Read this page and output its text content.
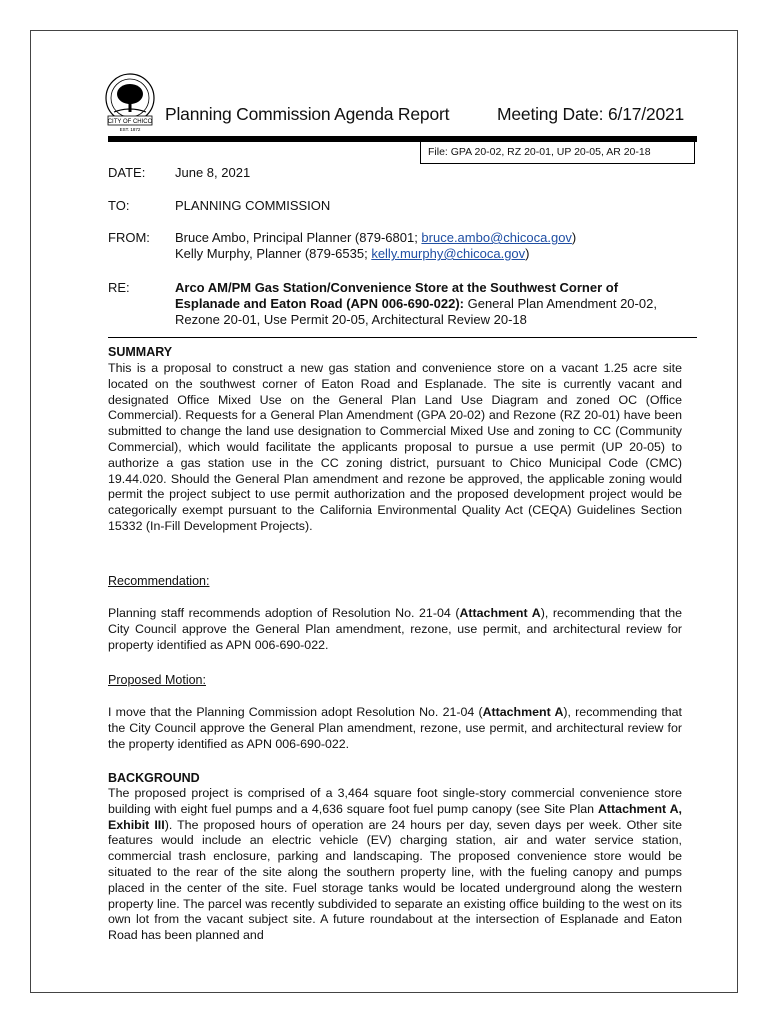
CITY OF CHICO
EST. 1872
Planning Commission Agenda Report	Meeting Date: 6/17/2021
File: GPA 20-02, RZ 20-01, UP 20-05, AR 20-18
DATE: June 8, 2021
TO:	PLANNING COMMISSION
FROM: Bruce Ambo, Principal Planner (879-6801; bruce.ambo@chicoca.gov)
Kelly Murphy, Planner (879-6535; kelly.murphy@chicoca.gov)
RE:	Arco AM/PM Gas Station/Convenience Store at the Southwest Corner of Esplanade and Eaton Road (APN 006-690-022): General Plan Amendment 20-02, Rezone 20-01, Use Permit 20-05, Architectural Review 20-18
SUMMARY
This is a proposal to construct a new gas station and convenience store on a vacant 1.25 acre site located on the southwest corner of Eaton Road and Esplanade. The site is currently vacant and designated Office Mixed Use on the General Plan Land Use Diagram and zoned OC (Office Commercial). Requests for a General Plan Amendment (GPA 20-02) and Rezone (RZ 20-01) have been submitted to change the land use designation to Commercial Mixed Use and zoning to CC (Community Commercial), which would facilitate the applicants proposal to pursue a use permit (UP 20-05) to authorize a gas station use in the CC zoning district, pursuant to Chico Municipal Code (CMC) 19.44.020. Should the General Plan amendment and rezone be approved, the applicable zoning would permit the project subject to use permit authorization and the proposed development project would be categorically exempt pursuant to the California Environmental Quality Act (CEQA) Guidelines Section 15332 (In-Fill Development Projects).
Recommendation:
Planning staff recommends adoption of Resolution No. 21-04 (Attachment A), recommending that the City Council approve the General Plan amendment, rezone, use permit, and architectural review for property identified as APN 006-690-022.
Proposed Motion:
I move that the Planning Commission adopt Resolution No. 21-04 (Attachment A), recommending that the City Council approve the General Plan amendment, rezone, use permit, and architectural review for the property identified as APN 006-690-022.
BACKGROUND
The proposed project is comprised of a 3,464 square foot single-story commercial convenience store building with eight fuel pumps and a 4,636 square foot fuel pump canopy (see Site Plan Attachment A, Exhibit III). The proposed hours of operation are 24 hours per day, seven days per week. Other site features would include an electric vehicle (EV) charging station, air and water service station, commercial trash enclosure, parking and landscaping. The proposed convenience store would be situated to the rear of the site along the southern property line, with the fueling canopy and pumps placed in the center of the site. Fuel storage tanks would be located underground along the western property line. The parcel was recently subdivided to separate an existing office building to the west on its own lot from the vacant subject site. A future roundabout at the intersection of Esplanade and Eaton Road has been planned and
